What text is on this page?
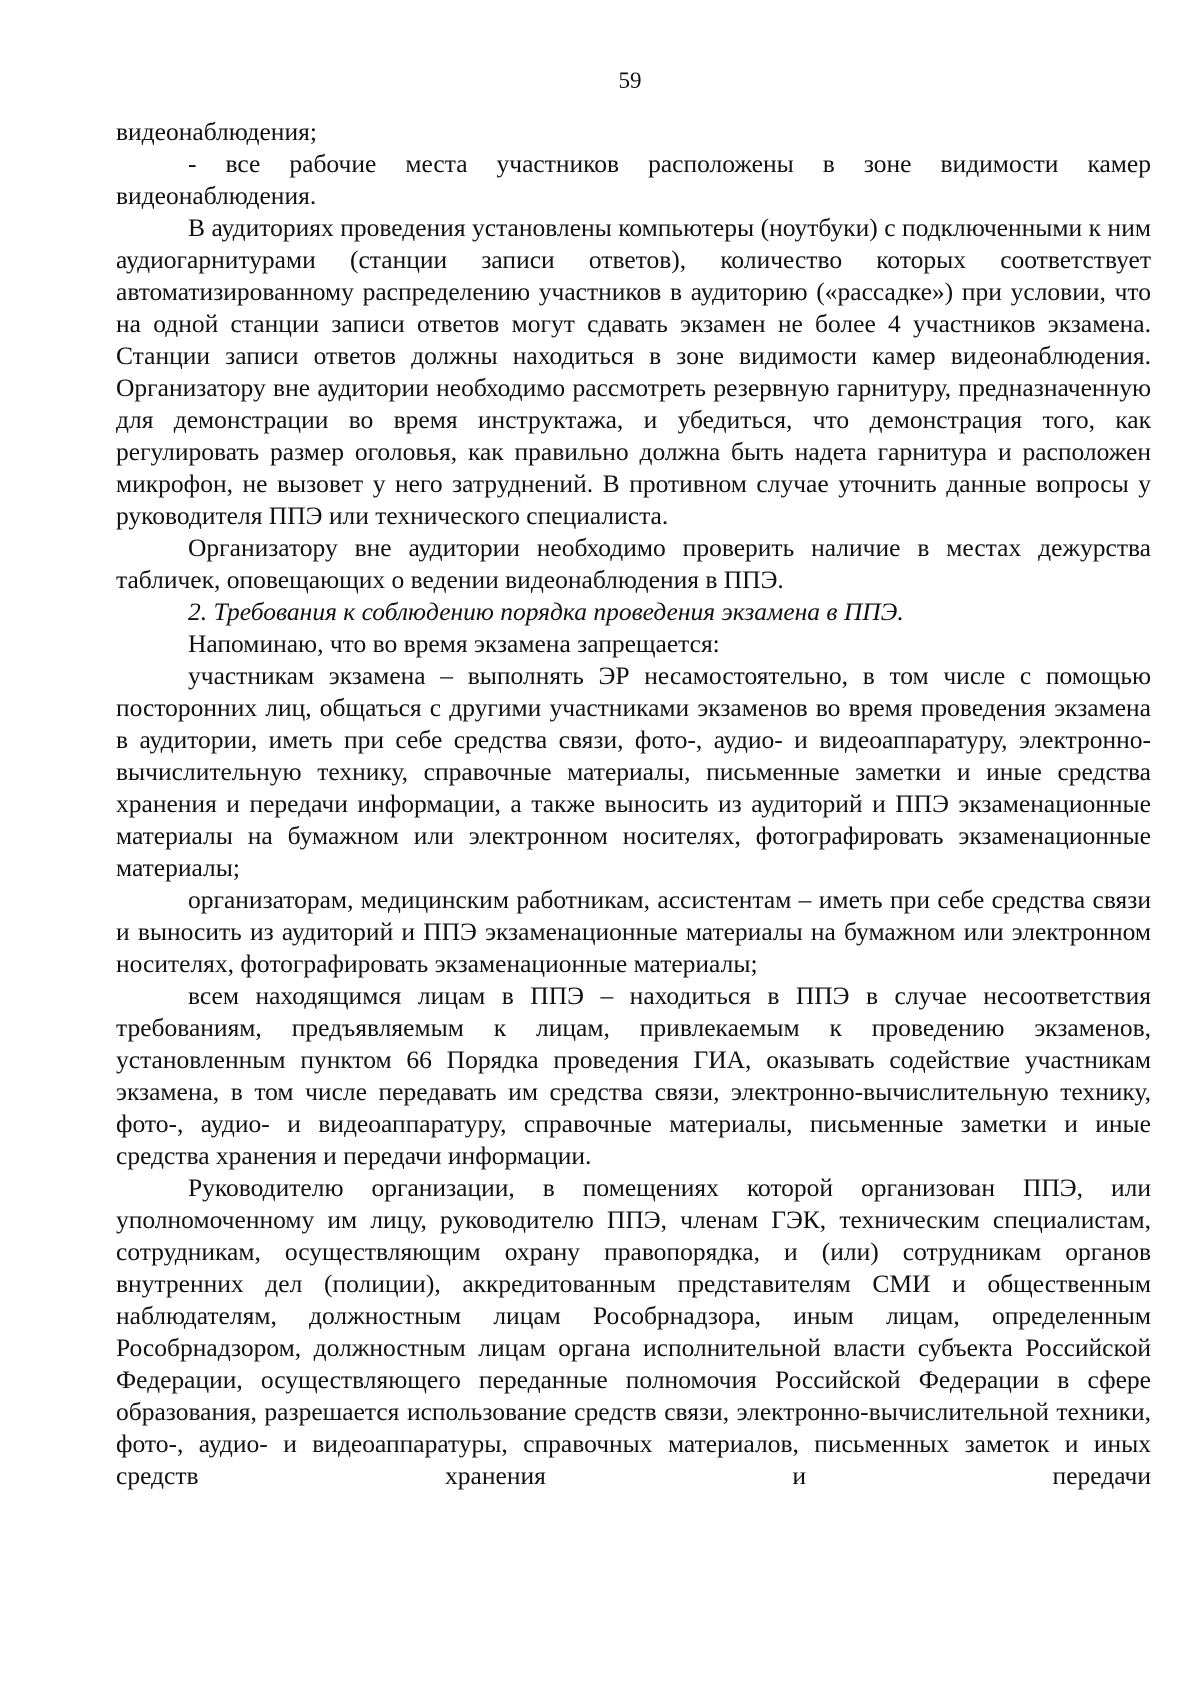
59

видеонаблюдения;

- все рабочие места участников расположены в зоне видимости камер видеонаблюдения.

В аудиториях проведения установлены компьютеры (ноутбуки) с подключенными к ним аудиогарнитурами (станции записи ответов), количество которых соответствует автоматизированному распределению участников в аудиторию («рассадке») при условии, что на одной станции записи ответов могут сдавать экзамен не более 4 участников экзамена. Станции записи ответов должны находиться в зоне видимости камер видеонаблюдения. Организатору вне аудитории необходимо рассмотреть резервную гарнитуру, предназначенную для демонстрации во время инструктажа, и убедиться, что демонстрация того, как регулировать размер оголовья, как правильно должна быть надета гарнитура и расположен микрофон, не вызовет у него затруднений. В противном случае уточнить данные вопросы у руководителя ППЭ или технического специалиста.

Организатору вне аудитории необходимо проверить наличие в местах дежурства табличек, оповещающих о ведении видеонаблюдения в ППЭ.

2. Требования к соблюдению порядка проведения экзамена в ППЭ.

Напоминаю, что во время экзамена запрещается:

участникам экзамена – выполнять ЭР несамостоятельно, в том числе с помощью посторонних лиц, общаться с другими участниками экзаменов во время проведения экзамена в аудитории, иметь при себе средства связи, фото-, аудио- и видеоаппаратуру, электронно-вычислительную технику, справочные материалы, письменные заметки и иные средства хранения и передачи информации, а также выносить из аудиторий и ППЭ экзаменационные материалы на бумажном или электронном носителях, фотографировать экзаменационные материалы;

организаторам, медицинским работникам, ассистентам – иметь при себе средства связи и выносить из аудиторий и ППЭ экзаменационные материалы на бумажном или электронном носителях, фотографировать экзаменационные материалы;

всем находящимся лицам в ППЭ – находиться в ППЭ в случае несоответствия требованиям, предъявляемым к лицам, привлекаемым к проведению экзаменов, установленным пунктом 66 Порядка проведения ГИА, оказывать содействие участникам экзамена, в том числе передавать им средства связи, электронно-вычислительную технику, фото-, аудио- и видеоаппаратуру, справочные материалы, письменные заметки и иные средства хранения и передачи информации.

Руководителю организации, в помещениях которой организован ППЭ, или уполномоченному им лицу, руководителю ППЭ, членам ГЭК, техническим специалистам, сотрудникам, осуществляющим охрану правопорядка, и (или) сотрудникам органов внутренних дел (полиции), аккредитованным представителям СМИ и общественным наблюдателям, должностным лицам Рособрнадзора, иным лицам, определенным Рособрнадзором, должностным лицам органа исполнительной власти субъекта Российской Федерации, осуществляющего переданные полномочия Российской Федерации в сфере образования, разрешается использование средств связи, электронно-вычислительной техники, фото-, аудио- и видеоаппаратуры, справочных материалов, письменных заметок и иных средств хранения и передачи
